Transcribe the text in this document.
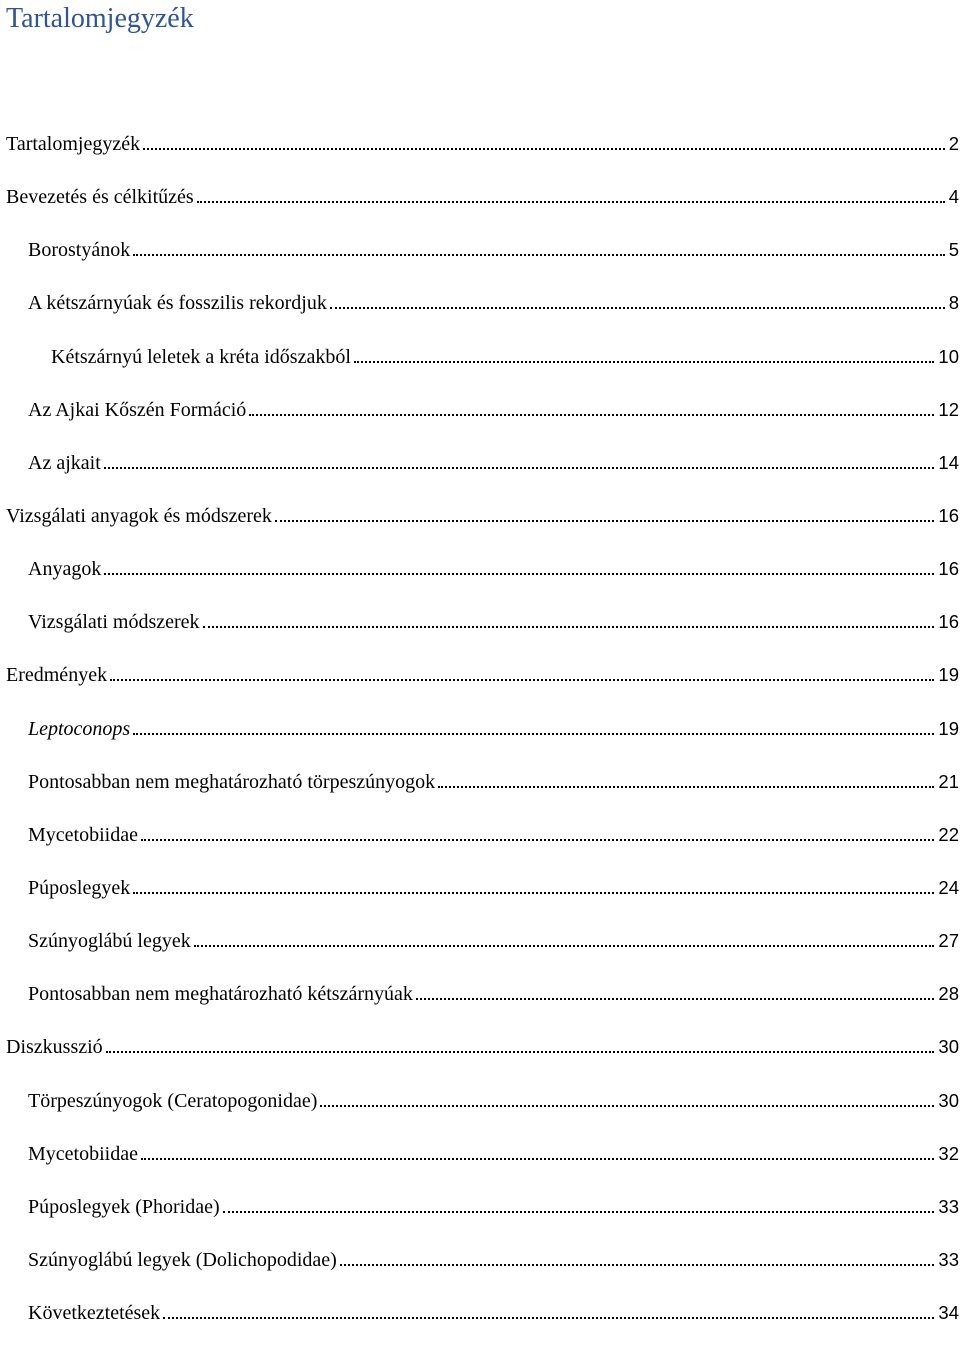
Tartalomjegyzék
Tartalomjegyzék	2
Bevezetés és célkitűzés	4
Borostyánok	5
A kétszárnyúak és fosszilis rekordjuk	8
Kétszárnyú leletek a kréta időszakból	10
Az Ajkai Kőszén Formáció	12
Az ajkait	14
Vizsgálati anyagok és módszerek	16
Anyagok	16
Vizsgálati módszerek	16
Eredmények	19
Leptoconops	19
Pontosabban nem meghatározható törpeszúnyogok	21
Mycetobiidae	22
Púposlegyek	24
Szúnyoglábú legyek	27
Pontosabban nem meghatározható kétszárnyúak	28
Diszkusszió	30
Törpeszúnyogok (Ceratopogonidae)	30
Mycetobiidae	32
Púposlegyek (Phoridae)	33
Szúnyoglábú legyek (Dolichopodidae)	33
Következtetések	34
